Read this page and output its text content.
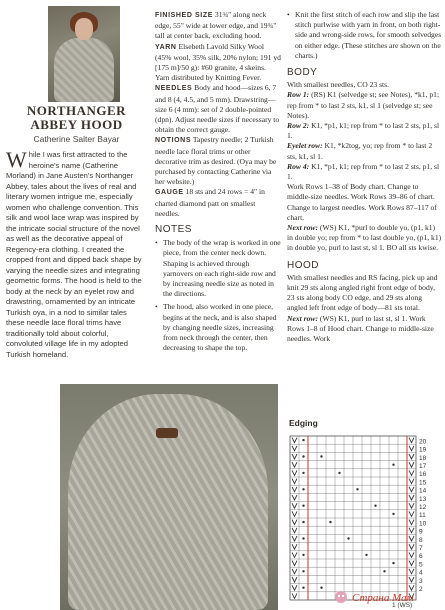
NORTHANGER
ABBEY HOOD
Catherine Salter Bayar

While I was first attracted to the heroine's name (Catherine Morland) in Jane Austen's Northanger Abbey, tales about the lives of real and literary women intrigue me, especially women who challenge convention. This silk and wool lace wrap was inspired by the intricate social structure of the novel as well as the decorative appeal of Regency-era clothing. I created the cropped front and dipped back shape by varying the needle sizes and integrating geometric forms. The hood is held to the body at the neck by an eyelet row and drawstring, ornamented by an intricate Turkish oya, in a nod to similar tales these needle lace floral trims have traditionally told about colorful, convoluted village life in my adopted Turkish homeland.

FINISHED SIZE 31¾" along neck edge, 55" wide at lower edge, and 19¾" tall at center back, excluding hood.

YARN Elsebeth Lavold Silky Wool (45% wool, 35% silk, 20% nylon; 191 yd [175 m]/50 g): #60 granite, 4 skeins. Yarn distributed by Knitting Fever.

NEEDLES Body and hood—sizes 6, 7 and 8 (4, 4.5, and 5 mm). Drawstring—size 6 (4 mm): set of 2 double-pointed (dpn). Adjust needle sizes if necessary to obtain the correct gauge.

NOTIONS Tapestry needle; 2 Turkish needle lace floral trims or other decorative trim as desired. (Oya may be purchased by contacting Catherine via her website.)

GAUGE 18 sts and 24 rows = 4" in charted diamond patt on smallest needles.

NOTES
• The body of the wrap is worked in one piece, from the center neck down. Shaping is achieved through yarnovers on each right-side row and by increasing needle size as noted in the directions.
• The hood, also worked in one piece, begins at the neck, and is also shaped by changing needle sizes, increasing from neck through the center, then decreasing to shape the top.
• Knit the first stitch of each row and slip the last stitch purlwise with yarn in front, on both right-side and wrong-side rows, for smooth selvedges on either edge. (These stitches are shown on the charts.)
BODY

With smallest needles, CO 23 sts.

Row 1: (RS) K1 (selvedge st; see Notes), *k1, p1; rep from * to last 2 sts, k1, sl 1 (selvedge st; see Notes).

Row 2: K1, *p1, k1; rep from * to last 2 sts, p1, sl 1.

Eyelet row: K1, *k2tog, yo; rep from * to last 2 sts, k1, sl 1.

Row 4: K1, *p1, k1; rep from * to last 2 sts, p1, sl 1.

Work Rows 1–38 of Body chart. Change to middle-size needles. Work Rows 39–86 of chart. Change to largest needles. Work Rows 87–117 of chart.

Next row: (WS) K1, *purl to double yo, (p1, k1) in double yo; rep from * to last double yo, (p1, k1) in double yo, purl to last st, sl 1. BO all sts kwise.

HOOD

With smallest needles and RS facing, pick up and knit 29 sts along angled right front edge of body, 23 sts along body CO edge, and 29 sts along angled left front edge of body—81 sts total.

Next row: (WS) K1, purl to last st, sl 1. Work Rows 1–8 of Hood chart. Change to middle-size needles. Work

Edging
20
18
16
14
12
10
8
6
4
2
19
17
15
13
11
9
7
5
3
1 (WS)
Страна Мам
